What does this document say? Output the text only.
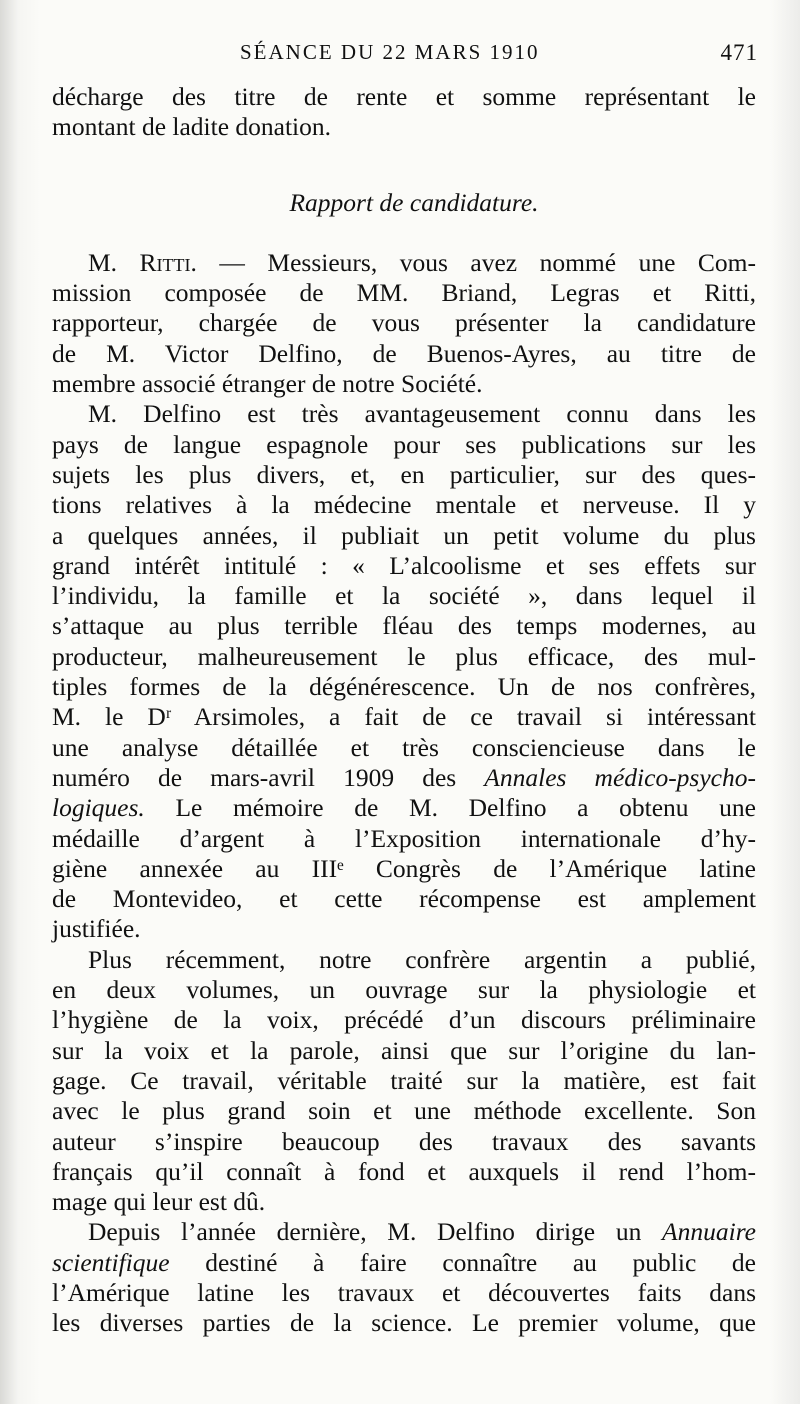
SÉANCE DU 22 MARS 1910	471
décharge des titre de rente et somme représentant le
montant de ladite donation.
Rapport de candidature.
M. Ritti. — Messieurs, vous avez nommé une Com-
mission composée de MM. Briand, Legras et Ritti,
rapporteur, chargée de vous présenter la candidature
de M. Victor Delfino, de Buenos-Ayres, au titre de
membre associé étranger de notre Société.
M. Delfino est très avantageusement connu dans les
pays de langue espagnole pour ses publications sur les
sujets les plus divers, et, en particulier, sur des ques-
tions relatives à la médecine mentale et nerveuse. Il y
a quelques années, il publiait un petit volume du plus
grand intérêt intitulé : « L’alcoolisme et ses effets sur
l’individu, la famille et la société », dans lequel il
s’attaque au plus terrible fléau des temps modernes, au
producteur, malheureusement le plus efficace, des mul-
tiples formes de la dégénérescence. Un de nos confrères,
M. le Dʳ Arsimoles, a fait de ce travail si intéressant
une analyse détaillée et très consciencieuse dans le
numéro de mars-avril 1909 des Annales médico-psycho-
logiques. Le mémoire de M. Delfino a obtenu une
médaille d’argent à l’Exposition internationale d’hy-
giène annexée au IIIᵉ Congrès de l’Amérique latine
de Montevideo, et cette récompense est amplement
justifiée.
Plus récemment, notre confrère argentin a publié,
en deux volumes, un ouvrage sur la physiologie et
l’hygiène de la voix, précédé d’un discours préliminaire
sur la voix et la parole, ainsi que sur l’origine du lan-
gage. Ce travail, véritable traité sur la matière, est fait
avec le plus grand soin et une méthode excellente. Son
auteur s’inspire beaucoup des travaux des savants
français qu’il connaît à fond et auxquels il rend l’hom-
mage qui leur est dû.
Depuis l’année dernière, M. Delfino dirige un Annuaire
scientifique destiné à faire connaître au public de
l’Amérique latine les travaux et découvertes faits dans
les diverses parties de la science. Le premier volume, que
